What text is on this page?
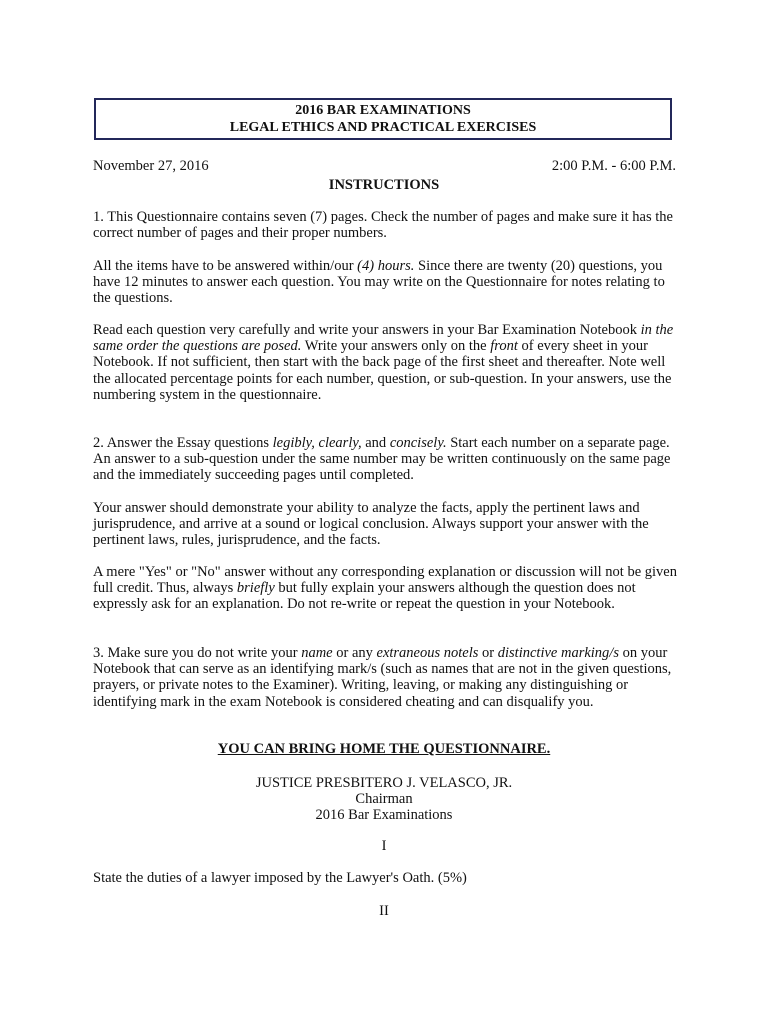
2016 BAR EXAMINATIONS
LEGAL ETHICS AND PRACTICAL EXERCISES
November 27, 2016	2:00 P.M. - 6:00 P.M.
INSTRUCTIONS

1. This Questionnaire contains seven (7) pages. Check the number of pages and make sure it has the correct number of pages and their proper numbers.

All the items have to be answered within/our (4) hours. Since there are twenty (20) questions, you have 12 minutes to answer each question. You may write on the Questionnaire for notes relating to the questions.

Read each question very carefully and write your answers in your Bar Examination Notebook in the same order the questions are posed. Write your answers only on the front of every sheet in your Notebook. If not sufficient, then start with the back page of the first sheet and thereafter. Note well the allocated percentage points for each number, question, or sub-question. In your answers, use the numbering system in the questionnaire.

2. Answer the Essay questions legibly, clearly, and concisely. Start each number on a separate page. An answer to a sub-question under the same number may be written continuously on the same page and the immediately succeeding pages until completed.

Your answer should demonstrate your ability to analyze the facts, apply the pertinent laws and jurisprudence, and arrive at a sound or logical conclusion. Always support your answer with the pertinent laws, rules, jurisprudence, and the facts.

A mere "Yes" or "No" answer without any corresponding explanation or discussion will not be given full credit. Thus, always briefly but fully explain your answers although the question does not expressly ask for an explanation. Do not re-write or repeat the question in your Notebook.

3. Make sure you do not write your name or any extraneous notels or distinctive marking/s on your Notebook that can serve as an identifying mark/s (such as names that are not in the given questions, prayers, or private notes to the Examiner). Writing, leaving, or making any distinguishing or identifying mark in the exam Notebook is considered cheating and can disqualify you.

YOU CAN BRING HOME THE QUESTIONNAIRE.
JUSTICE PRESBITERO J. VELASCO, JR.
Chairman
2016 Bar Examinations
I

State the duties of a lawyer imposed by the Lawyer's Oath. (5%)

II
